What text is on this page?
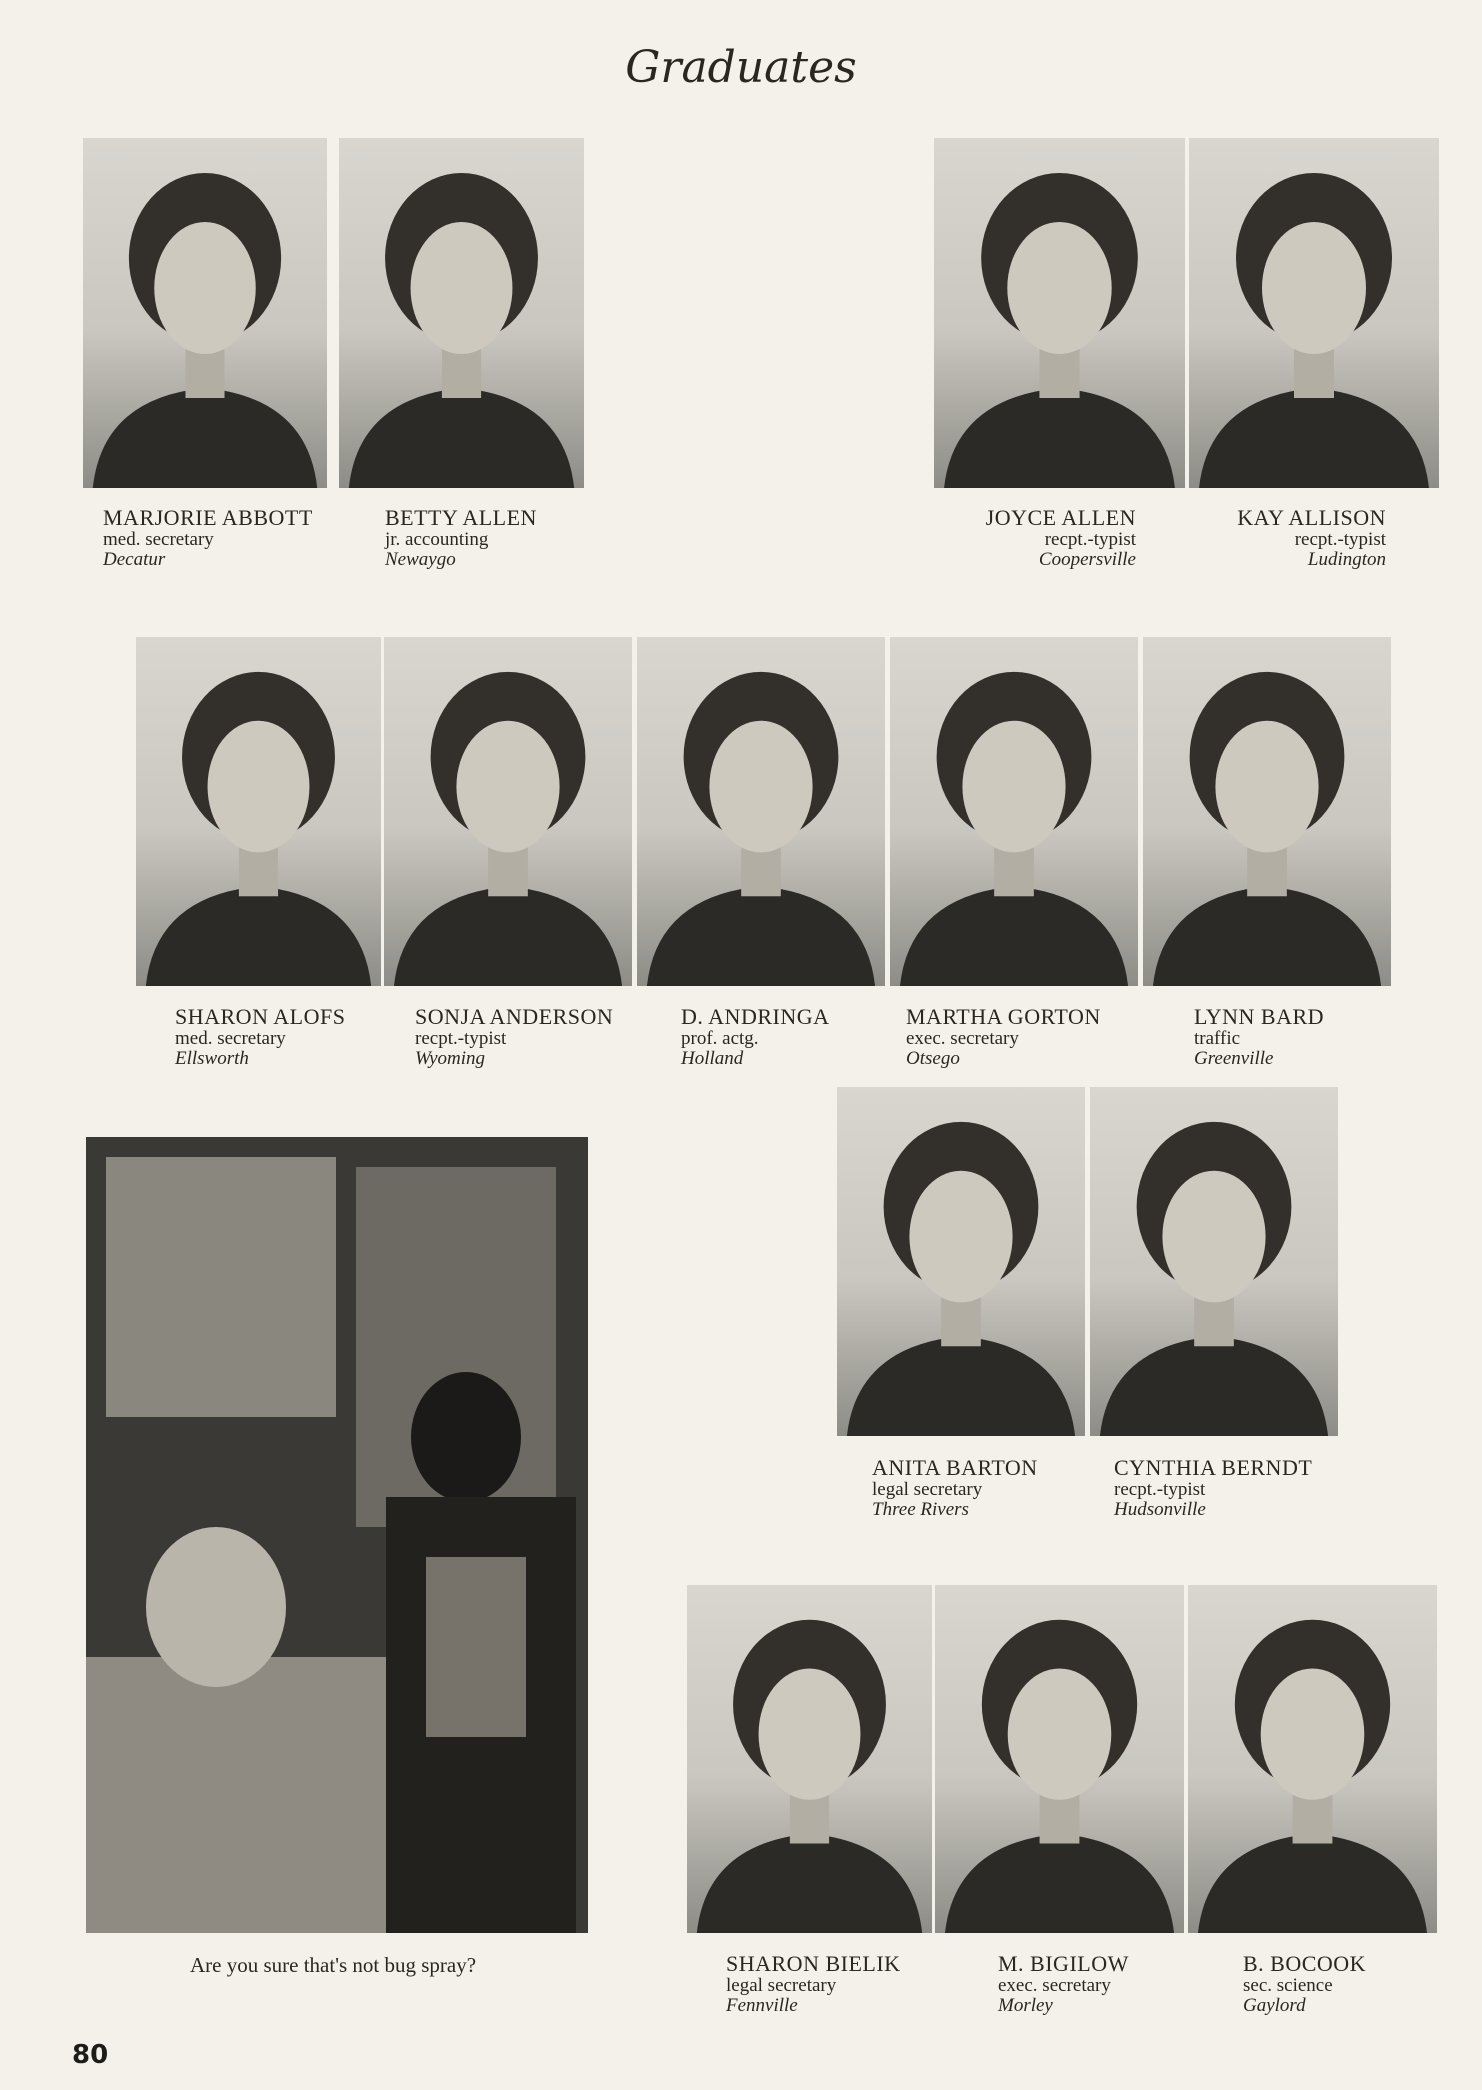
Graduates
MARJORIE ABBOTT
med. secretary
Decatur
BETTY ALLEN
jr. accounting
Newaygo
JOYCE ALLEN
recpt.-typist
Coopersville
KAY ALLISON
recpt.-typist
Ludington
SHARON ALOFS
med. secretary
Ellsworth
SONJA ANDERSON
recpt.-typist
Wyoming
D. ANDRINGA
prof. actg.
Holland
MARTHA GORTON
exec. secretary
Otsego
LYNN BARD
traffic
Greenville
Are you sure that's not bug spray?
ANITA BARTON
legal secretary
Three Rivers
CYNTHIA BERNDT
recpt.-typist
Hudsonville
SHARON BIELIK
legal secretary
Fennville
M. BIGILOW
exec. secretary
Morley
B. BOCOOK
sec. science
Gaylord
80
